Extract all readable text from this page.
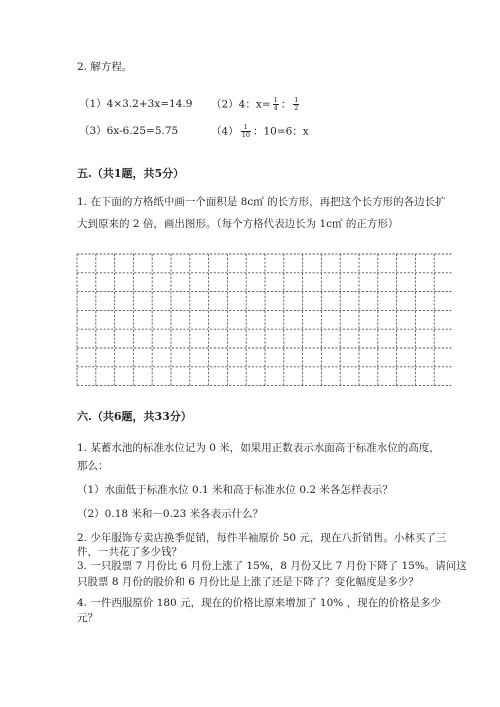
2. 解方程。
（1）4×3.2+3x=14.9 （2）4：$x= \frac{1}{4}$ ： $\frac{1}{2}$
（3）6x-6.25=5.75	$(4) \frac{1}{10}$ ：10=6：x
五.（共1题，共5分）
1. 在下面的方格纸中画一个面积是 8c㎡ 的长方形，再把这个长方形的各边长扩
大到原来的 2 倍，画出图形。（每个方格代表边长为 1c㎡ 的正方形）
六.（共6题，共33分）
1. 某蓄水池的标准水位记为 0 米，如果用正数表示水面高于标准水位的高度，
那么：
（1）水面低于标准水位 0.1 米和高于标准水位 0.2 米各怎样表示？
（2）0.18 米和－0.23 米各表示什么？
2. 少年服饰专卖店换季促销，每件半袖原价 50 元，现在八折销售。小林买了三
件，一共花了多少钱？
3. 一只股票 7 月份比 6 月份上涨了 15%，8 月份又比 7 月份下降了 15%。请问这
只股票 8 月份的股价和 6 月份比是上涨了还是下降了？变化幅度是多少？
4. 一件西服原价 180 元，现在的价格比原来增加了 10% ，现在的价格是多少
元？
